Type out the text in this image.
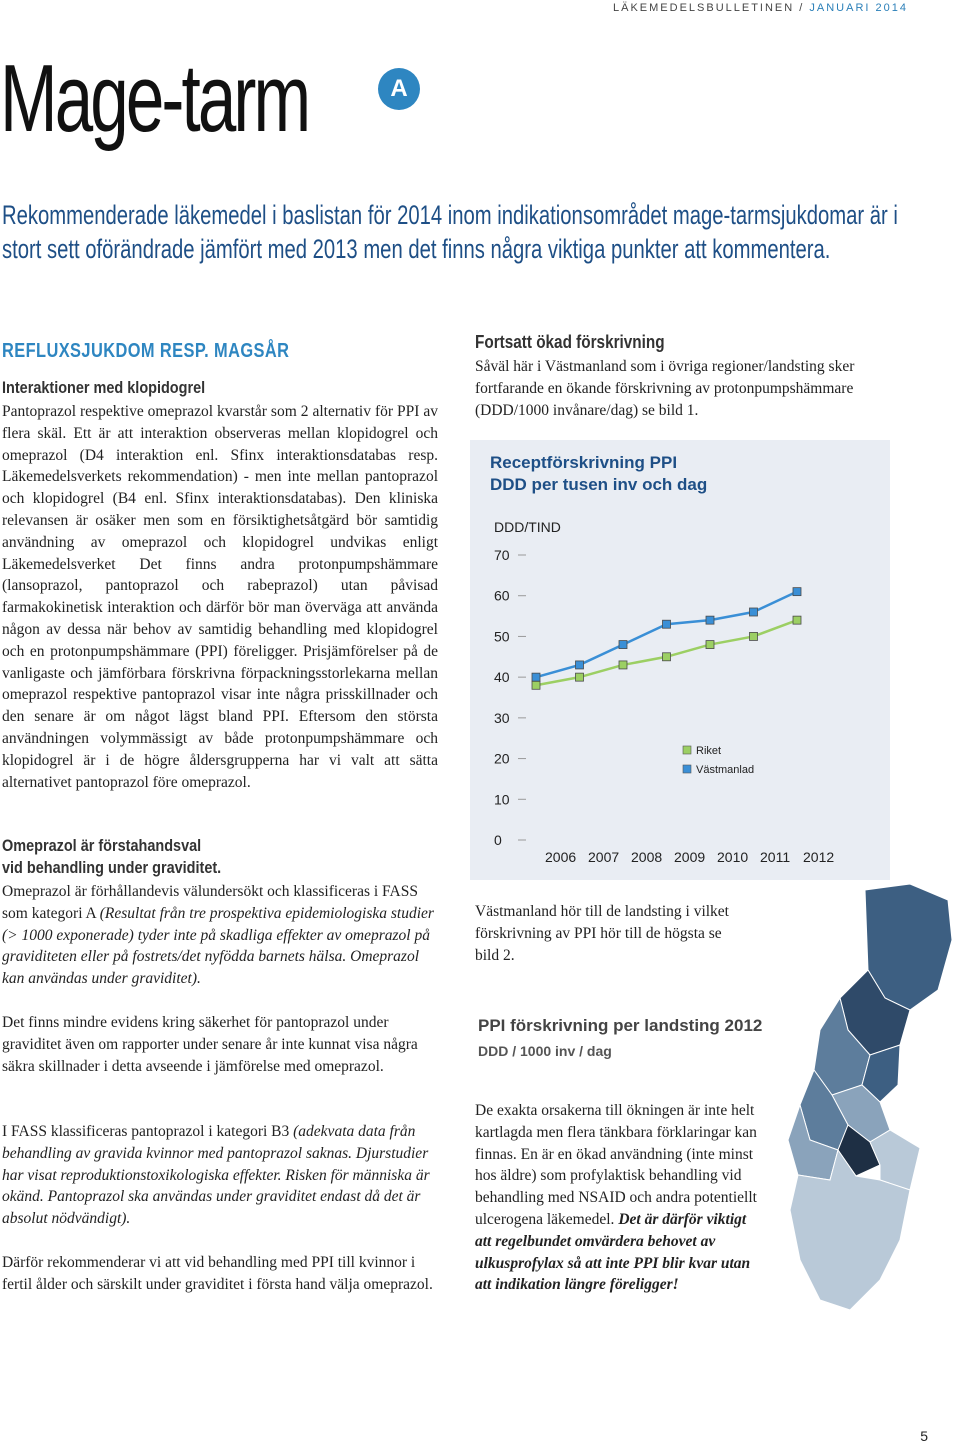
LÄKEMEDELSBULLETINEN / JANUARI 2014
Mage-tarm	A
Rekommenderade läkemedel i baslistan för 2014 inom indikationsområdet mage-tarmsjukdomar är i stort sett oförändrade jämfört med 2013 men det finns några viktiga punkter att kommentera.
REFLUXSJUKDOM RESP. MAGSÅR
Interaktioner med klopidogrel
Pantoprazol respektive omeprazol kvarstår som 2 alternativ för PPI av flera skäl. Ett är att interaktion observeras mellan klopidogrel och omeprazol (D4 interaktion enl. Sfinx interaktionsdatabas resp. Läkemedelsverkets rekommendation) - men inte mellan pantoprazol och klopidogrel (B4 enl. Sfinx interaktionsdatabas). Den kliniska relevansen är osäker men som en försiktighetsåtgärd bör samtidig användning av omeprazol och klopidogrel undvikas enligt Läkemedelsverket Det finns andra protonpumpshämmare (lansoprazol, pantoprazol och rabeprazol) utan påvisad farmakokinetisk interaktion och därför bör man överväga att använda någon av dessa när behov av samtidig behandling med klopidogrel och en protonpumpshämmare (PPI) föreligger. Prisjämförelser på de vanligaste och jämförbara förskrivna förpackningsstorlekarna mellan omeprazol respektive pantoprazol visar inte några prisskillnader och den senare är om något lägst bland PPI. Eftersom den största användningen volymmässigt av både protonpumpshämmare och klopidogrel är i de högre åldersgrupperna har vi valt att sätta alternativet pantoprazol före omeprazol.
Omeprazol är förstahandsval
vid behandling under graviditet.
Omeprazol är förhållandevis välundersökt och klassificeras i FASS som kategori A (Resultat från tre prospektiva epidemiologiska studier (> 1000 exponerade) tyder inte på skadliga effekter av omeprazol på graviditeten eller på fostrets/det nyfödda barnets hälsa. Omeprazol kan användas under graviditet).
Det finns mindre evidens kring säkerhet för pantoprazol under graviditet även om rapporter under senare år inte kunnat visa några säkra skillnader i detta avseende i jämförelse med omeprazol.
I FASS klassificeras pantoprazol i kategori B3 (adekvata data från behandling av gravida kvinnor med pantoprazol saknas. Djurstudier har visat reproduktionstoxikologiska effekter. Risken för människa är okänd. Pantoprazol ska användas under graviditet endast då det är absolut nödvändigt).
Därför rekommenderar vi att vid behandling med PPI till kvinnor i fertil ålder och särskilt under graviditet i första hand välja omeprazol.
Fortsatt ökad förskrivning
Såväl här i Västmanland som i övriga regioner/landsting sker fortfarande en ökande förskrivning av protonpumpshämmare (DDD/1000 invånare/dag) se bild 1.
Receptförskrivning PPI
DDD per tusen inv och dag
DDD/TIND
0
10
20
30
40
50
60
70
2006 2007 2008 2009 2010 2011 2012
Riket
Västmanlad
Västmanland hör till de landsting i vilket förskrivning av PPI hör till de högsta se bild 2.
PPI förskrivning per landsting 2012
DDD / 1000 inv / dag
De exakta orsakerna till ökningen är inte helt kartlagda men flera tänkbara förklaringar kan finnas. En är en ökad användning (inte minst hos äldre) som profylaktisk behandling vid behandling med NSAID och andra potentiellt ulcerogena läkemedel. Det är därför viktigt att regelbundet omvärdera behovet av ulkusprofylax så att inte PPI blir kvar utan att indikation längre föreligger!
5
